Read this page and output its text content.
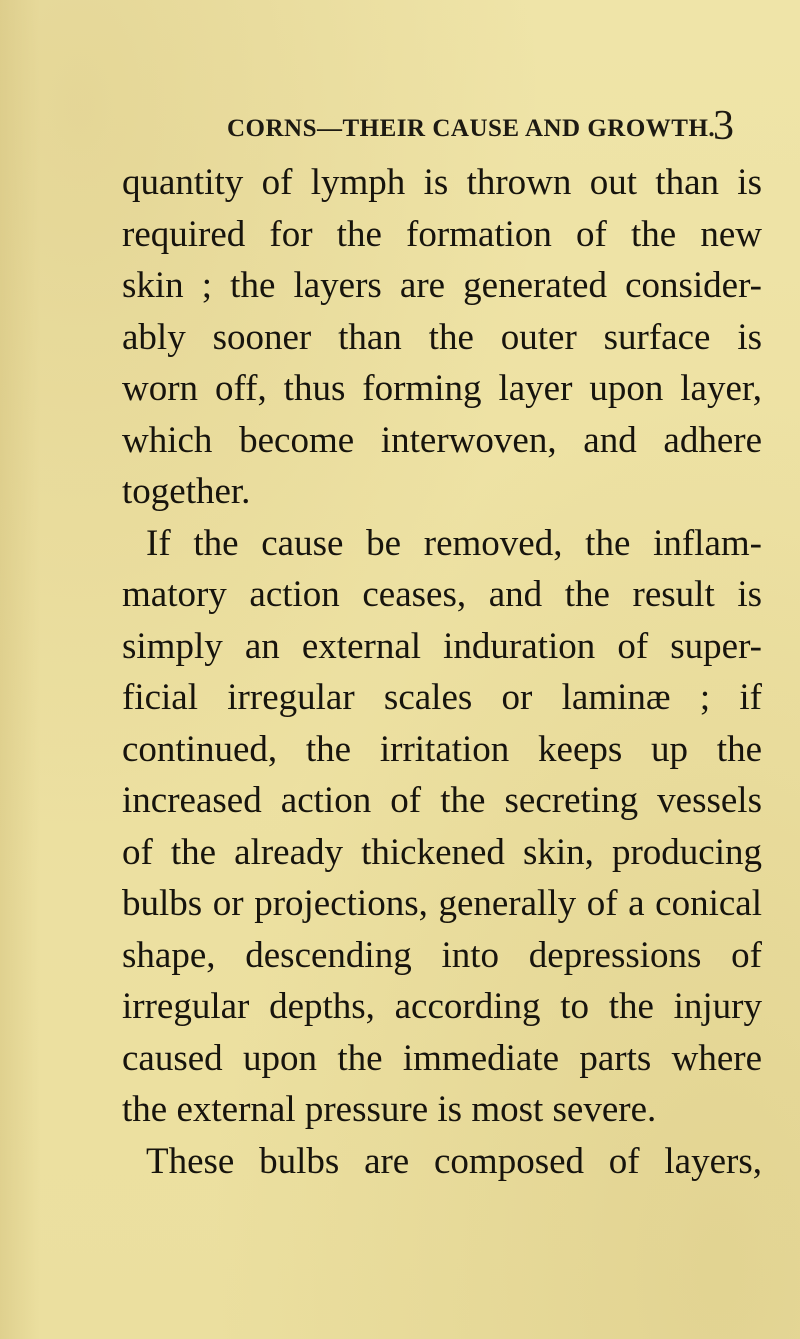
CORNS—THEIR CAUSE AND GROWTH.
3
quantity of lymph is thrown out than is
required for the formation of the new
skin ; the layers are generated consider-
ably sooner than the outer surface is
worn off, thus forming layer upon layer,
which become interwoven, and adhere
together.
If the cause be removed, the inflam-
matory action ceases, and the result is
simply an external induration of super-
ficial irregular scales or laminæ ; if
continued, the irritation keeps up the
increased action of the secreting vessels
of the already thickened skin, producing
bulbs or projections, generally of a conical
shape, descending into depressions of
irregular depths, according to the injury
caused upon the immediate parts where
the external pressure is most severe.
These bulbs are composed of layers,
